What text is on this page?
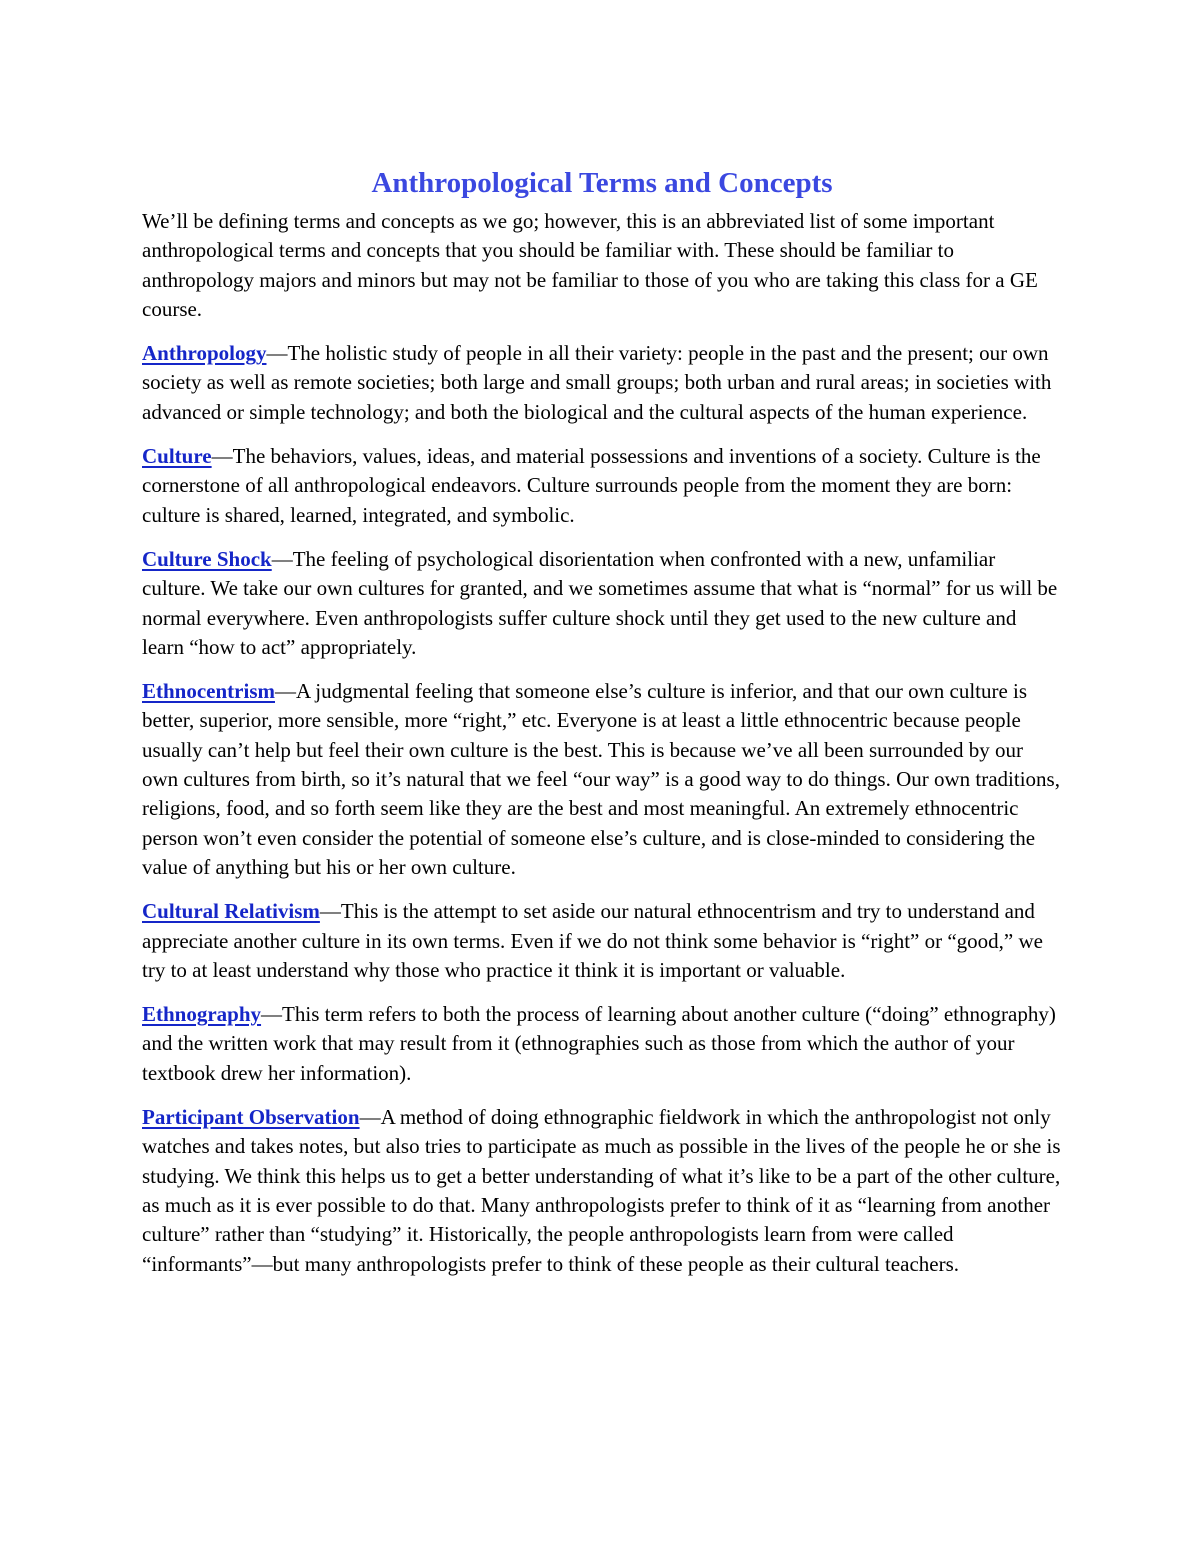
Anthropological Terms and Concepts

We’ll be defining terms and concepts as we go; however, this is an abbreviated list of some important anthropological terms and concepts that you should be familiar with. These should be familiar to anthropology majors and minors but may not be familiar to those of you who are taking this class for a GE course.

Anthropology—The holistic study of people in all their variety: people in the past and the present; our own society as well as remote societies; both large and small groups; both urban and rural areas; in societies with advanced or simple technology; and both the biological and the cultural aspects of the human experience.

Culture—The behaviors, values, ideas, and material possessions and inventions of a society. Culture is the cornerstone of all anthropological endeavors. Culture surrounds people from the moment they are born: culture is shared, learned, integrated, and symbolic.

Culture Shock—The feeling of psychological disorientation when confronted with a new, unfamiliar culture. We take our own cultures for granted, and we sometimes assume that what is “normal” for us will be normal everywhere. Even anthropologists suffer culture shock until they get used to the new culture and learn “how to act” appropriately.

Ethnocentrism—A judgmental feeling that someone else’s culture is inferior, and that our own culture is better, superior, more sensible, more “right,” etc. Everyone is at least a little ethnocentric because people usually can’t help but feel their own culture is the best. This is because we’ve all been surrounded by our own cultures from birth, so it’s natural that we feel “our way” is a good way to do things. Our own traditions, religions, food, and so forth seem like they are the best and most meaningful. An extremely ethnocentric person won’t even consider the potential of someone else’s culture, and is close-minded to considering the value of anything but his or her own culture.

Cultural Relativism—This is the attempt to set aside our natural ethnocentrism and try to understand and appreciate another culture in its own terms. Even if we do not think some behavior is “right” or “good,” we try to at least understand why those who practice it think it is important or valuable.

Ethnography—This term refers to both the process of learning about another culture (“doing” ethnography) and the written work that may result from it (ethnographies such as those from which the author of your textbook drew her information).

Participant Observation—A method of doing ethnographic fieldwork in which the anthropologist not only watches and takes notes, but also tries to participate as much as possible in the lives of the people he or she is studying. We think this helps us to get a better understanding of what it’s like to be a part of the other culture, as much as it is ever possible to do that. Many anthropologists prefer to think of it as “learning from another culture” rather than “studying” it. Historically, the people anthropologists learn from were called “informants”—but many anthropologists prefer to think of these people as their cultural teachers.
